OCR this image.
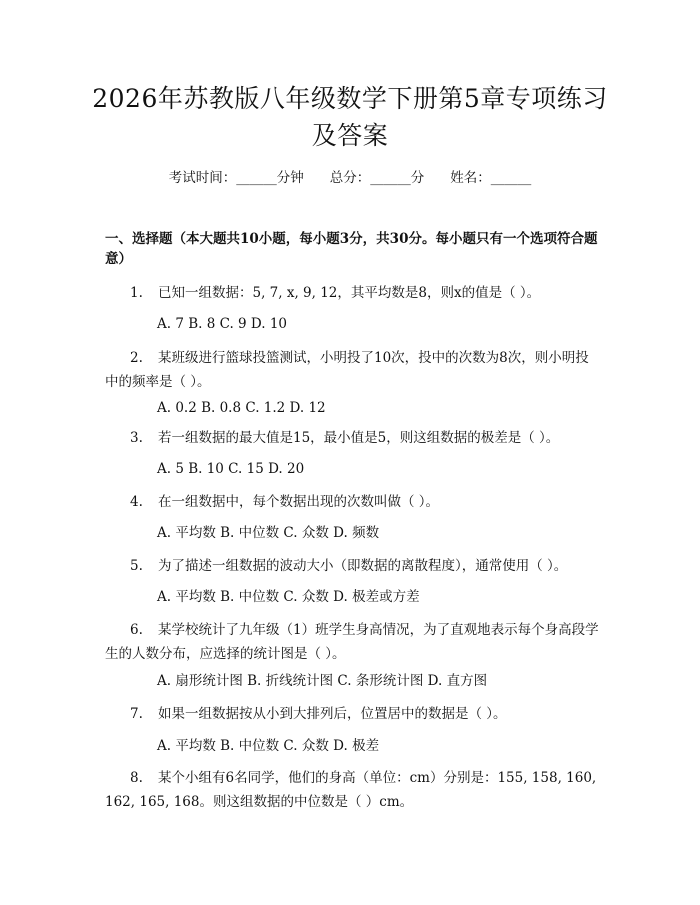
2026年苏教版八年级数学下册第5章专项练习及答案
考试时间：______分钟 总分：______分 姓名：______
一、选择题（本大题共10小题，每小题3分，共30分。每小题只有一个选项符合题意）
1. 已知一组数据：5, 7, x, 9, 12，其平均数是8，则x的值是（ ）。
A. 7 B. 8 C. 9 D. 10
2. 某班级进行篮球投篮测试，小明投了10次，投中的次数为8次，则小明投中的频率是（ ）。
A. 0.2 B. 0.8 C. 1.2 D. 12
3. 若一组数据的最大值是15，最小值是5，则这组数据的极差是（ ）。
A. 5 B. 10 C. 15 D. 20
4. 在一组数据中，每个数据出现的次数叫做（ ）。
A. 平均数 B. 中位数 C. 众数 D. 频数
5. 为了描述一组数据的波动大小（即数据的离散程度），通常使用（ ）。
A. 平均数 B. 中位数 C. 众数 D. 极差或方差
6. 某学校统计了九年级（1）班学生身高情况，为了直观地表示每个身高段学生的人数分布，应选择的统计图是（ ）。
A. 扇形统计图 B. 折线统计图 C. 条形统计图 D. 直方图
7. 如果一组数据按从小到大排列后，位置居中的数据是（ ）。
A. 平均数 B. 中位数 C. 众数 D. 极差
8. 某个小组有6名同学，他们的身高（单位：cm）分别是：155, 158, 160, 162, 165, 168。则这组数据的中位数是（ ）cm。
